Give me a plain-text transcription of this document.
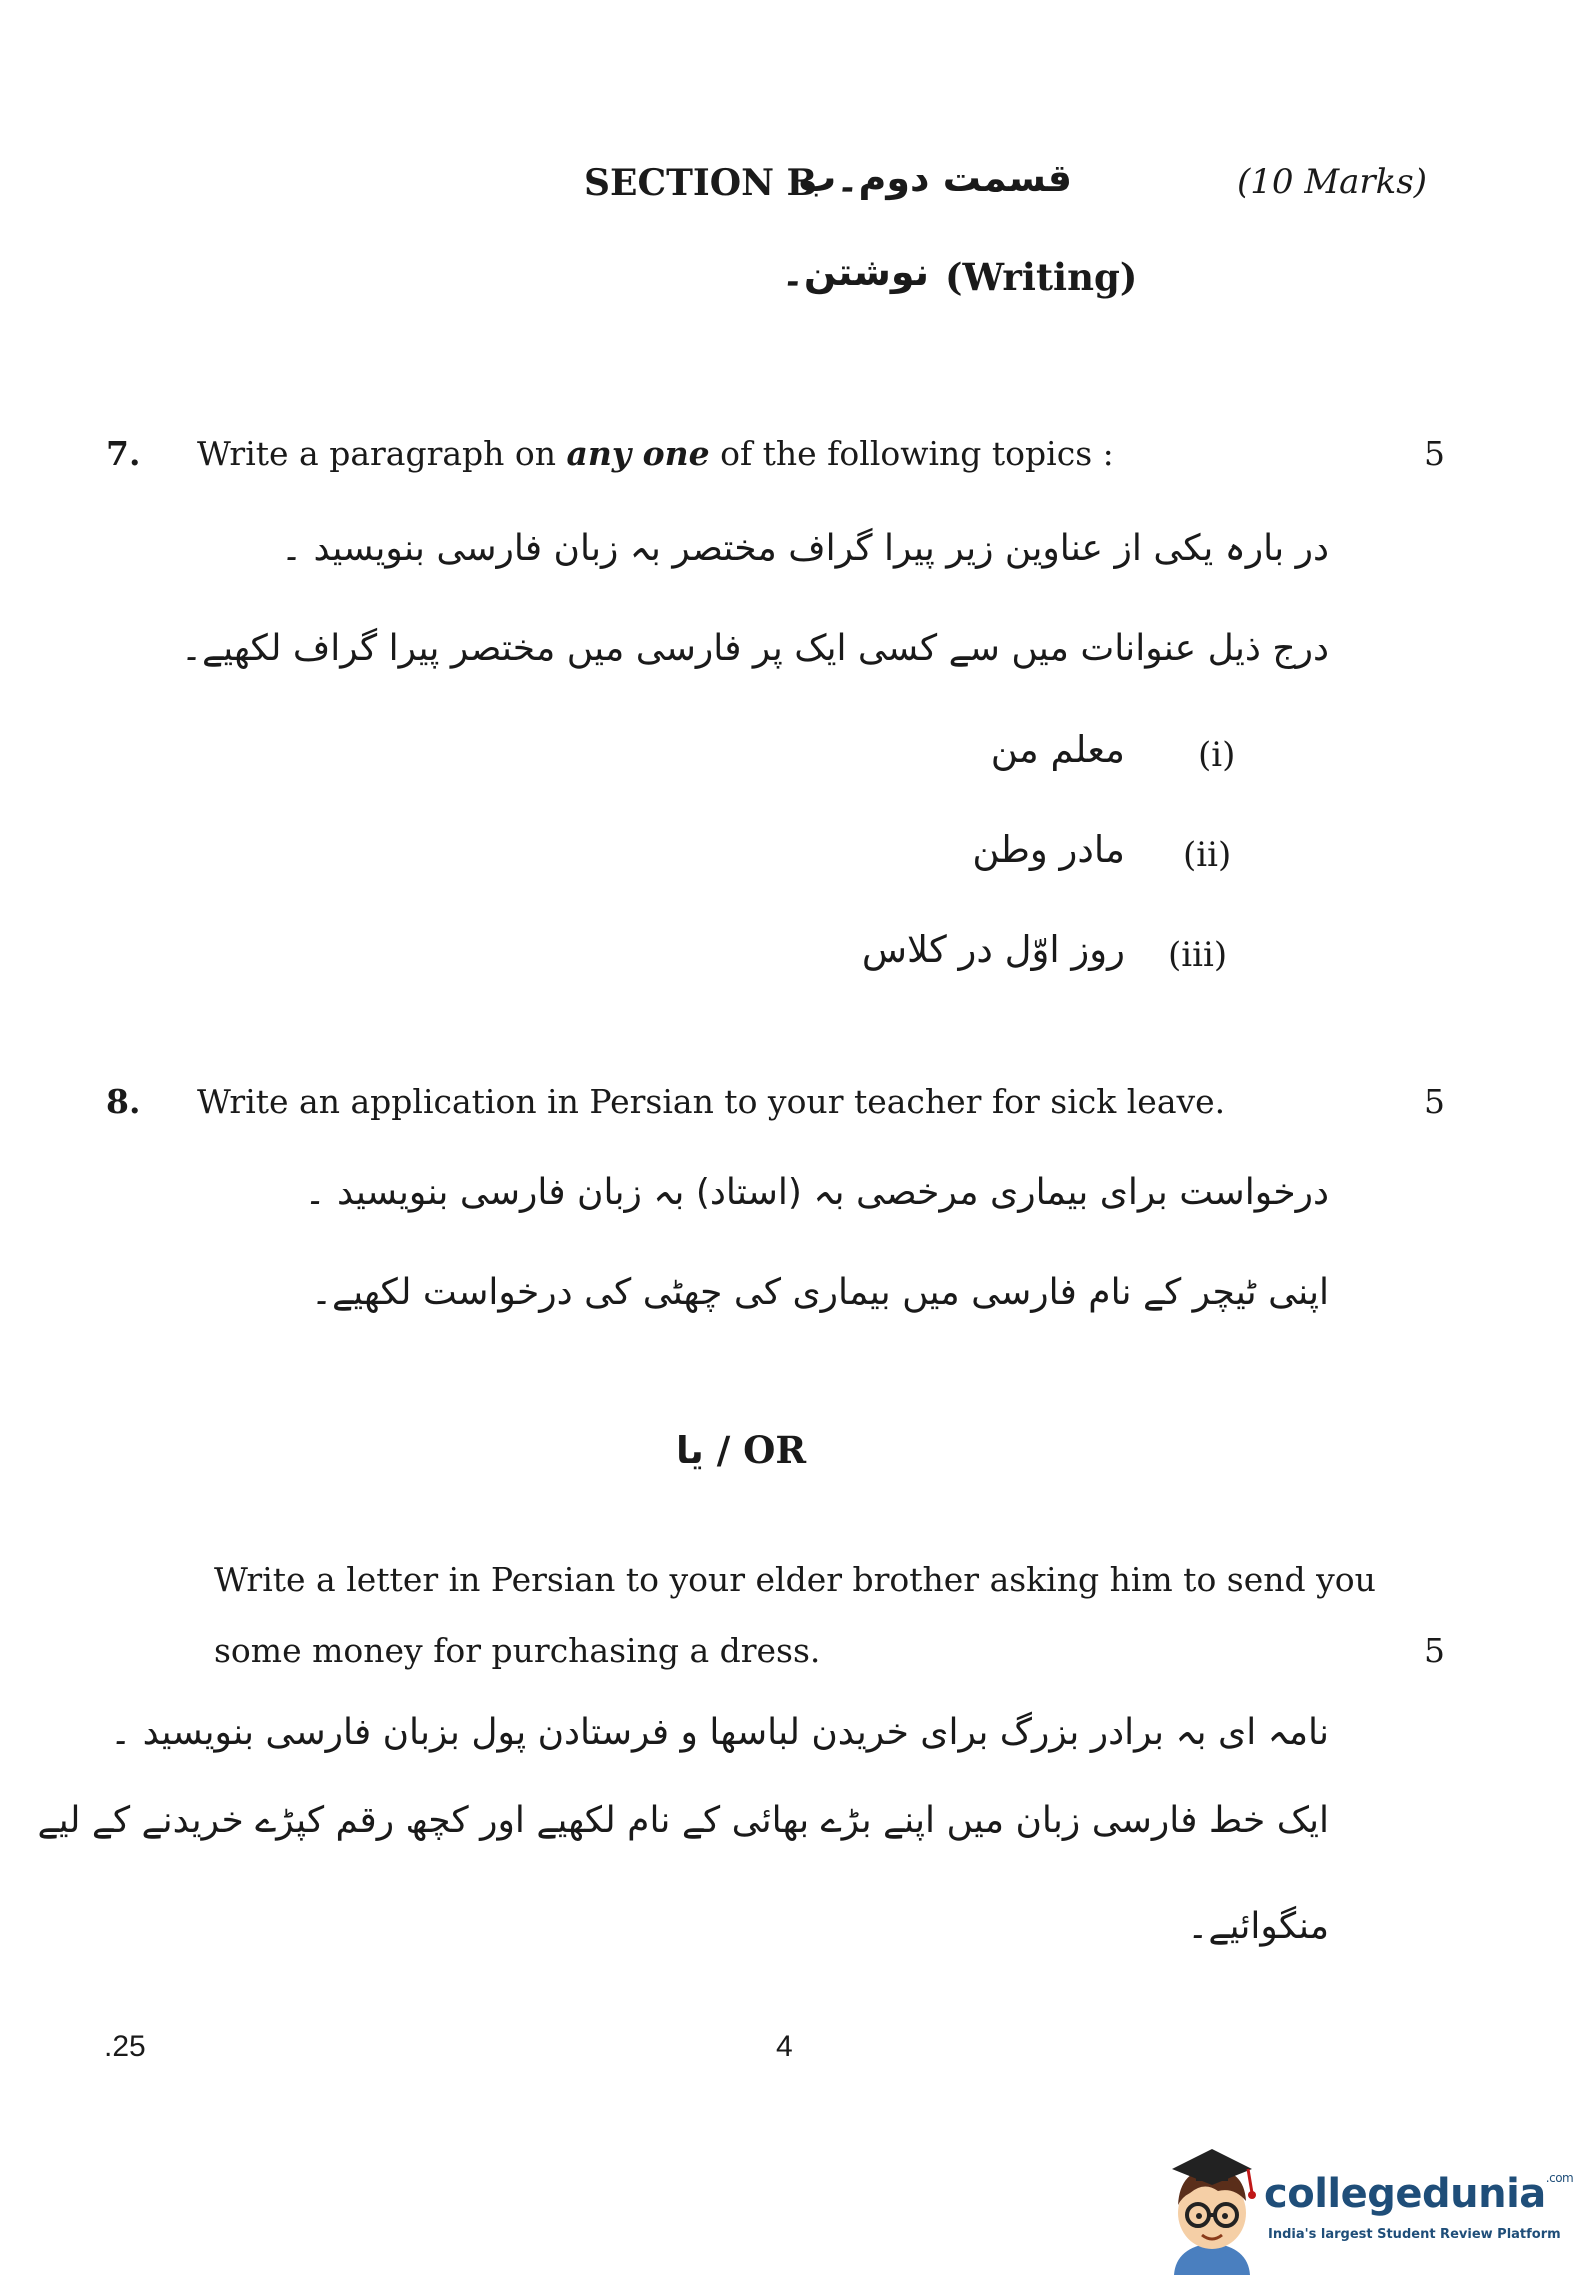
SECTION B
قسمت دوم۔ب	(10 Marks)
(Writing)
نوشتن۔
7. Write a paragraph on any one of the following topics :	5
در بارہ یکی از عناوین زیر پیرا گراف مختصر بہ زبان فارسی بنویسید ۔
درج ذیل عنوانات میں سے کسی ایک پر فارسی میں مختصر پیرا گراف لکھیے۔
(i)
معلم من
(ii)
مادر وطن
(iii)
روز اوّل در کلاس
8. Write an application in Persian to your teacher for sick leave.	5
درخواست برای بیماری مرخصی بہ (استاد) بہ زبان فارسی بنویسید ۔
اپنی ٹیچر کے نام فارسی میں بیماری کی چھٹی کی درخواست لکھیے۔
یا / OR
Write a letter in Persian to your elder brother asking him to send you
some money for purchasing a dress.	5
نامہ ای بہ برادر بزرگ برای خریدن لباسها و فرستادن پول بزبان فارسی بنویسید ۔
ایک خط فارسی زبان میں اپنے بڑے بھائی کے نام لکھیے اور کچھ رقم کپڑے خریدنے کے لیے
منگوائیے۔
.25	4
collegedunia$^{.com}$
India's largest Student Review Platform
